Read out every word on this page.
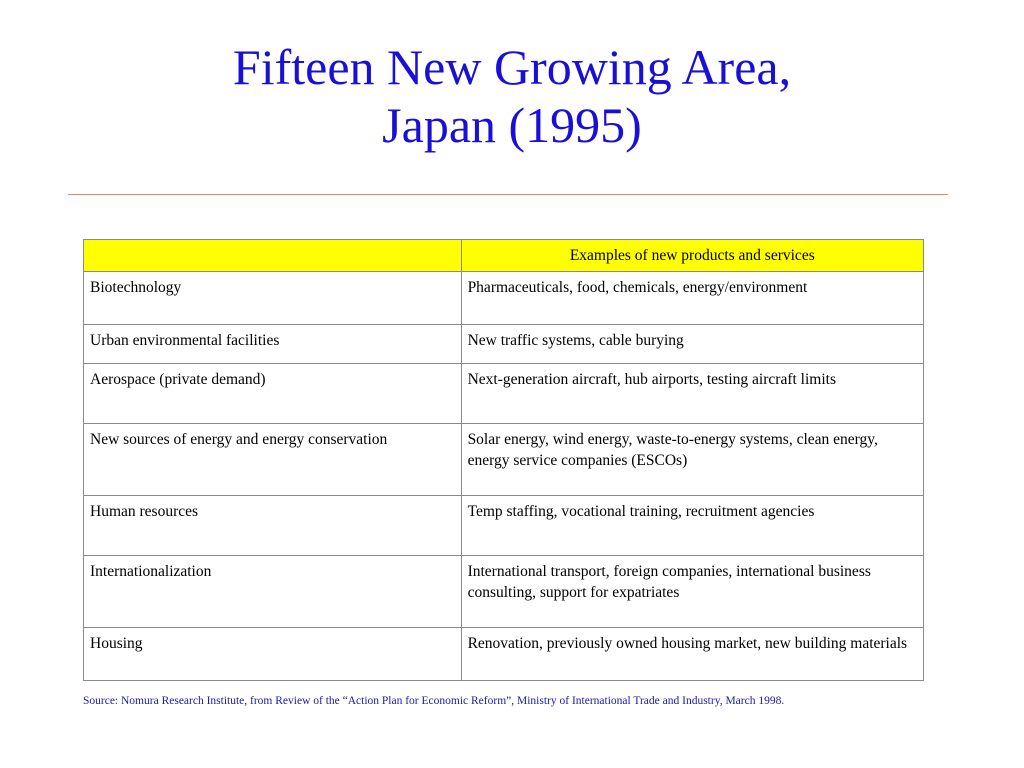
Fifteen New Growing Area,
Japan (1995)
	Examples of new products and services
Biotechnology	Pharmaceuticals, food, chemicals, energy/environment
Urban environmental facilities	New traffic systems, cable burying
Aerospace (private demand)	Next-generation aircraft, hub airports, testing aircraft limits
New sources of energy and energy conservation	Solar energy, wind energy, waste-to-energy systems, clean energy, energy service companies (ESCOs)
Human resources	Temp staffing, vocational training, recruitment agencies
Internationalization	International transport, foreign companies, international business consulting, support for expatriates
Housing	Renovation, previously owned housing market, new building materials
Source: Nomura Research Institute, from Review of the “Action Plan for Economic Reform”, Ministry of International Trade and Industry, March 1998.
